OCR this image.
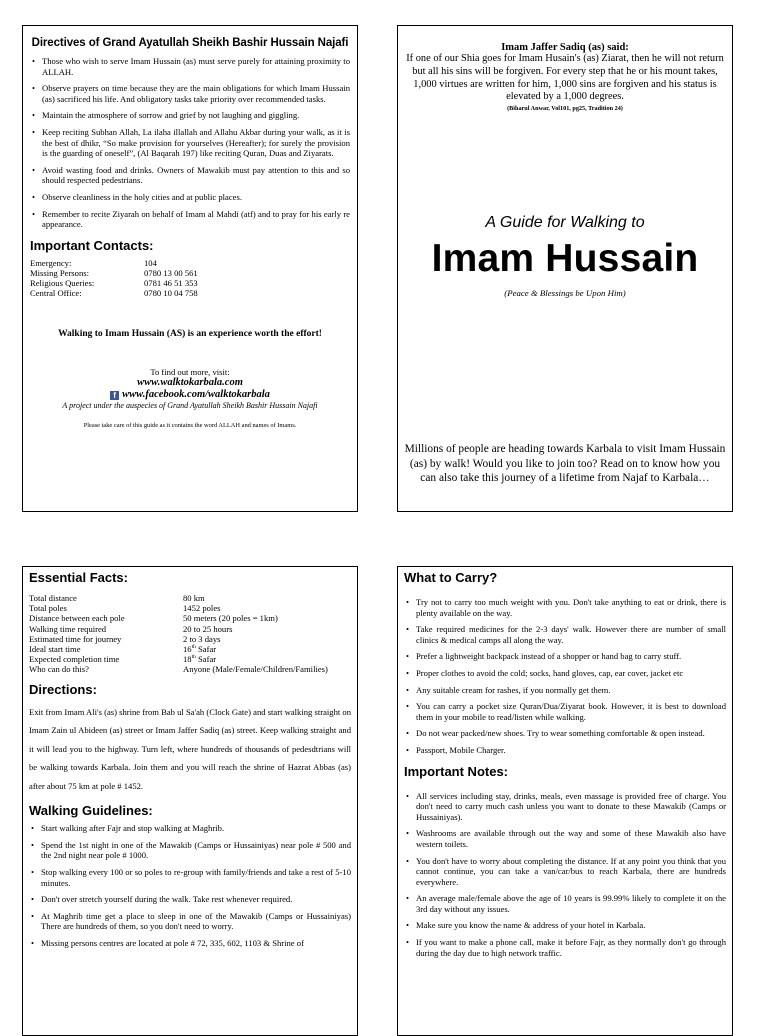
Directives of Grand Ayatullah Sheikh Bashir Hussain Najafi
• Those who wish to serve Imam Hussain (as) must serve purely for attaining proximity to ALLAH.
• Observe prayers on time because they are the main obligations for which Imam Hussain (as) sacrificed his life. And obligatory tasks take priority over recommended tasks.
• Maintain the atmosphere of sorrow and grief by not laughing and giggling.
• Keep reciting Subhan Allah, La ilaha illallah and Allahu Akbar during your walk, as it is the best of dhikr, “So make provision for yourselves (Hereafter); for surely the provision is the guarding of oneself”, (Al Baqarah 197) like reciting Quran, Duas and Ziyarats.
• Avoid wasting food and drinks. Owners of Mawakib must pay attention to this and so should respected pedestrians.
• Observe cleanliness in the holy cities and at public places.
• Remember to recite Ziyarah on behalf of Imam al Mahdi (atf) and to pray for his early re appearance.
Important Contacts:
Emergency:	104
Missing Persons:	0780 13 00 561
Religious Queries:	0781 46 51 353
Central Office:	0780 10 04 758
Walking to Imam Hussain (AS) is an experience worth the effort!
To find out more, visit:
www.walktokarbala.com
f www.facebook.com/walktokarbala
A project under the auspecies of Grand Ayatullah Sheikh Bashir Hussain Najafi
Please take care of this guide as it contains the word ALLAH and names of Imams.
Imam Jaffer Sadiq (as) said:
If one of our Shia goes for Imam Husain's (as) Ziarat, then he will not return but all his sins will be forgiven. For every step that he or his mount takes, 1,000 virtues are written for him, 1,000 sins are forgiven and his status is elevated by a 1,000 degrees.
(Biharul Anwar, Vol101, pg25, Tradition 24)
A Guide for Walking to
Imam Hussain
(Peace & Blessings be Upon Him)
Millions of people are heading towards Karbala to visit Imam Hussain (as) by walk! Would you like to join too? Read on to know how you can also take this journey of a lifetime from Najaf to Karbala…
Essential Facts:
Total distance	80 km
Total poles	1452 poles
Distance between each pole	50 meters (20 poles = 1km)
Walking time required	20 to 25 hours
Estimated time for journey	2 to 3 days
Ideal start time	16th Safar
Expected completion time	18th Safar
Who can do this?	Anyone (Male/Female/Children/Families)
Directions:

Exit from Imam Ali's (as) shrine from Bab ul Sa'ah (Clock Gate) and start walking straight on Imam Zain ul Abideen (as) street or Imam Jaffer Sadiq (as) street. Keep walking straight and it will lead you to the highway. Turn left, where hundreds of thousands of pedesdtrians will be walking towards Karbala. Join them and you will reach the shrine of Hazrat Abbas (as) after about 75 km at pole # 1452.

Walking Guidelines:
• Start walking after Fajr and stop walking at Maghrib.
• Spend the 1st night in one of the Mawakib (Camps or Hussainiyas) near pole # 500 and the 2nd night near pole # 1000.
• Stop walking every 100 or so poles to re-group with family/friends and take a rest of 5-10 minutes.
• Don't over stretch yourself during the walk. Take rest whenever required.
• At Maghrib time get a place to sleep in one of the Mawakib (Camps or Hussainiyas) There are hundreds of them, so you don't need to worry.
• Missing persons centres are located at pole # 72, 335, 602, 1103 & Shrine of
What to Carry?
• Try not to carry too much weight with you. Don't take anything to eat or drink, there is plenty available on the way.
• Take required medicines for the 2-3 days' walk. However there are number of small clinics & medical camps all along the way.
• Prefer a lightweight backpack instead of a shopper or hand bag to carry stuff.
• Proper clothes to avoid the cold; socks, hand gloves, cap, ear cover, jacket etc
• Any suitable cream for rashes, if you normally get them.
• You can carry a pocket size Quran/Dua/Ziyarat book. However, it is best to download them in your mobile to read/listen while walking.
• Do not wear packed/new shoes. Try to wear something comfortable & open instead.
• Passport, Mobile Charger.
Important Notes:
• All services including stay, drinks, meals, even massage is provided free of charge. You don't need to carry much cash unless you want to donate to these Mawakib (Camps or Hussainiyas).
• Washrooms are available through out the way and some of these Mawakib also have western toilets.
• You don't have to worry about completing the distance. If at any point you think that you cannot continue, you can take a van/car/bus to reach Karbala, there are hundreds everywhere.
• An average male/female above the age of 10 years is 99.99% likely to complete it on the 3rd day without any issues.
• Make sure you know the name & address of your hotel in Karbala.
• If you want to make a phone call, make it before Fajr, as they normally don't go through during the day due to high network traffic.
